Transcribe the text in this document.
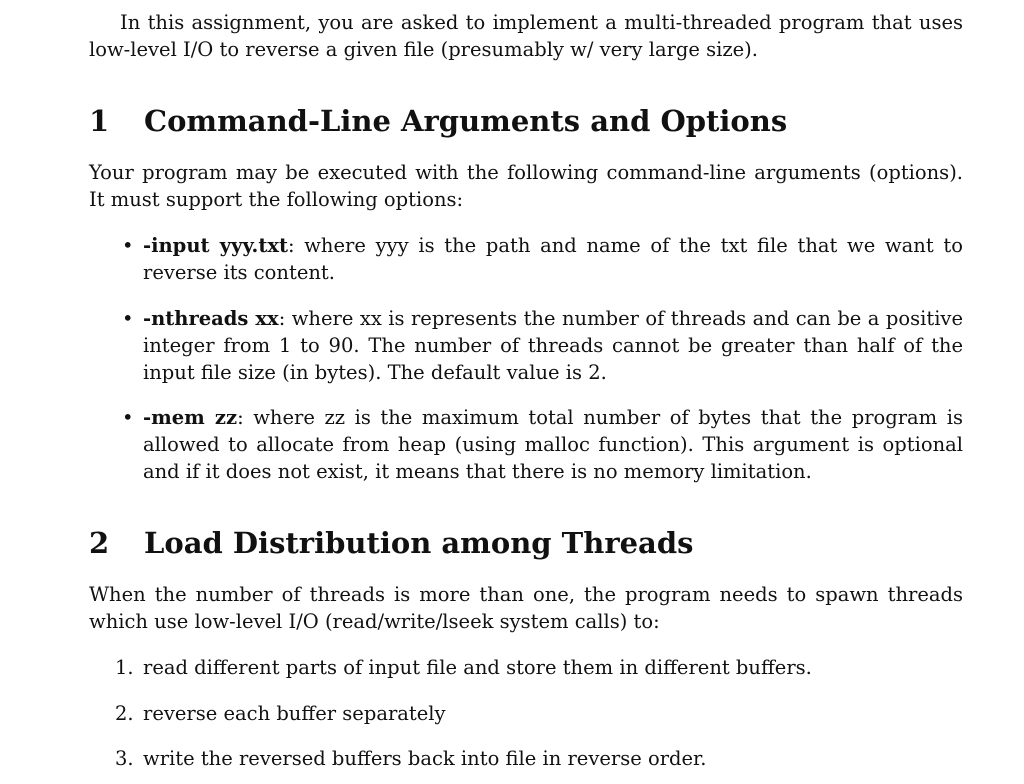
In this assignment, you are asked to implement a multi-threaded program that uses low-level I/O to reverse a given file (presumably w/ very large size).

1 Command-Line Arguments and Options

Your program may be executed with the following command-line arguments (options). It must support the following options:

• -input yyy.txt: where yyy is the path and name of the txt file that we want to reverse its content.
• -nthreads xx: where xx is represents the number of threads and can be a positive integer from 1 to 90. The number of threads cannot be greater than half of the input file size (in bytes). The default value is 2.
• -mem zz: where zz is the maximum total number of bytes that the program is allowed to allocate from heap (using malloc function). This argument is optional and if it does not exist, it means that there is no memory limitation.
2 Load Distribution among Threads

When the number of threads is more than one, the program needs to spawn threads which use low-level I/O (read/write/lseek system calls) to:

1. read different parts of input file and store them in different buffers.
2. reverse each buffer separately
3. write the reversed buffers back into file in reverse order.
